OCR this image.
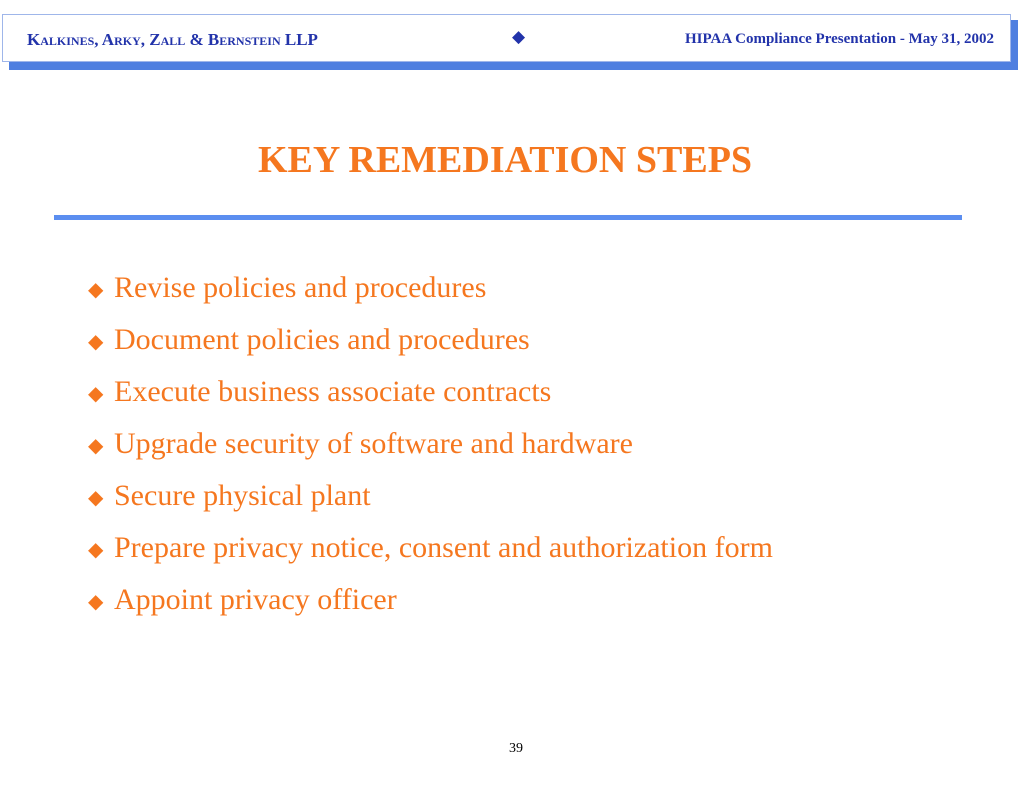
Kalkines, Arky, Zall & Bernstein LLP	◆	HIPAA Compliance Presentation - May 31, 2002
KEY REMEDIATION STEPS
◆ Revise policies and procedures
◆ Document policies and procedures
◆ Execute business associate contracts
◆ Upgrade security of software and hardware
◆ Secure physical plant
◆ Prepare privacy notice, consent and authorization form
◆ Appoint privacy officer
39
